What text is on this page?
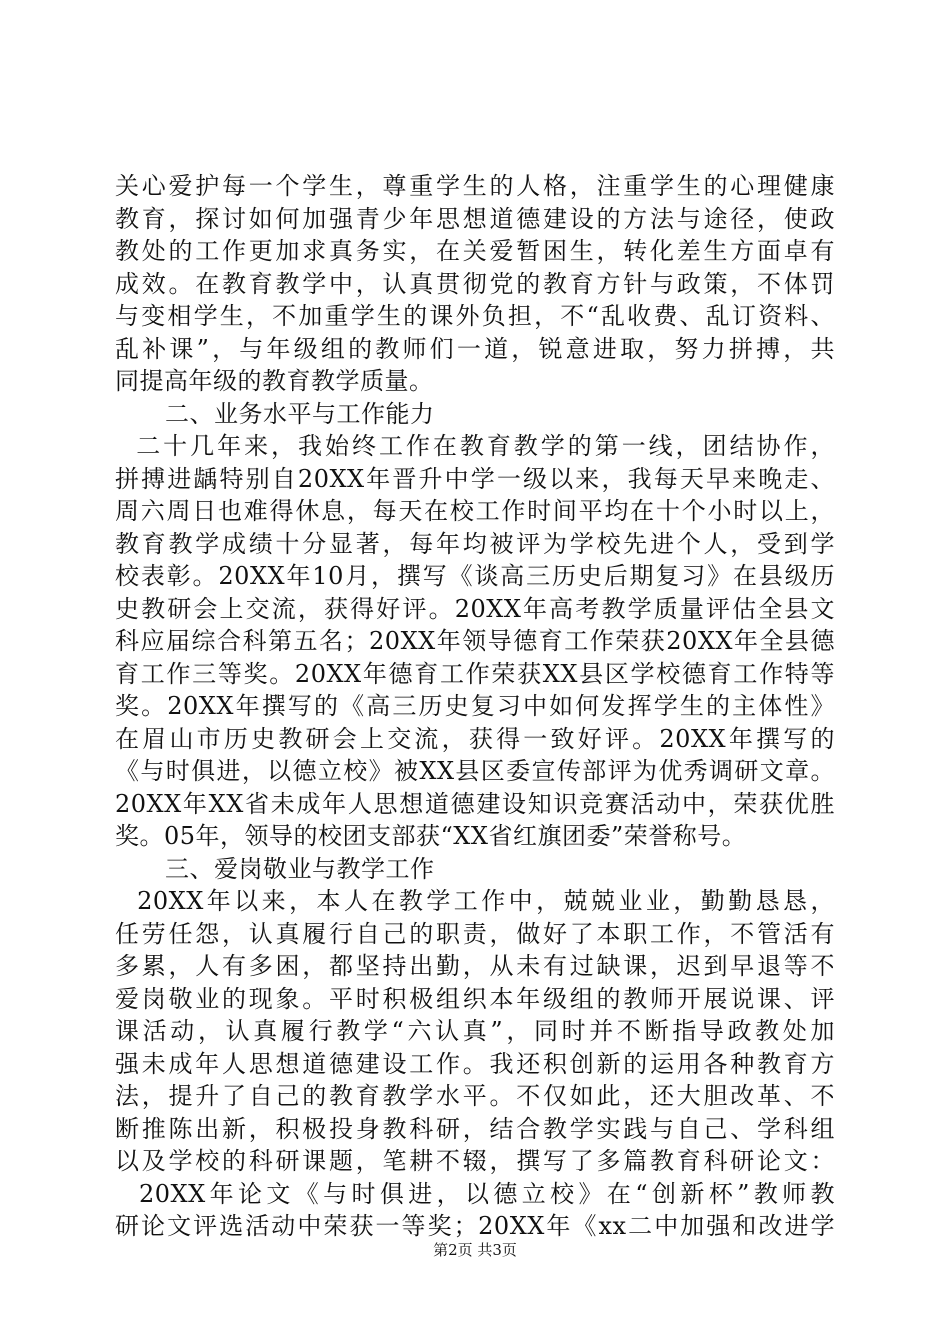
关心爱护每一个学生，尊重学生的人格，注重学生的心理健康
教育，探讨如何加强青少年思想道德建设的方法与途径，使政
教处的工作更加求真务实，在关爱暂困生，转化差生方面卓有
成效。在教育教学中，认真贯彻党的教育方针与政策，不体罚
与变相学生，不加重学生的课外负担，不“乱收费、乱订资料、
乱补课”，与年级组的教师们一道，锐意进取，努力拼搏，共
同提高年级的教育教学质量。
二、业务水平与工作能力
二十几年来，我始终工作在教育教学的第一线，团结协作，
拼搏进龋特别自20XX年晋升中学一级以来，我每天早来晚走、
周六周日也难得休息，每天在校工作时间平均在十个小时以上，
教育教学成绩十分显著，每年均被评为学校先进个人，受到学
校表彰。20XX年10月，撰写《谈高三历史后期复习》在县级历
史教研会上交流，获得好评。20XX年高考教学质量评估全县文
科应届综合科第五名；20XX年领导德育工作荣获20XX年全县德
育工作三等奖。20XX年德育工作荣获XX县区学校德育工作特等
奖。20XX年撰写的《高三历史复习中如何发挥学生的主体性》
在眉山市历史教研会上交流，获得一致好评。20XX年撰写的
《与时俱进，以德立校》被XX县区委宣传部评为优秀调研文章。
20XX年XX省未成年人思想道德建设知识竞赛活动中，荣获优胜
奖。05年，领导的校团支部获“XX省红旗团委”荣誉称号。
三、爱岗敬业与教学工作
20XX年以来，本人在教学工作中，兢兢业业，勤勤恳恳，
任劳任怨，认真履行自己的职责，做好了本职工作，不管活有
多累，人有多困，都坚持出勤，从未有过缺课，迟到早退等不
爱岗敬业的现象。平时积极组织本年级组的教师开展说课、评
课活动，认真履行教学“六认真”，同时并不断指导政教处加
强未成年人思想道德建设工作。我还积创新的运用各种教育方
法，提升了自己的教育教学水平。不仅如此，还大胆改革、不
断推陈出新，积极投身教科研，结合教学实践与自己、学科组
以及学校的科研课题，笔耕不辍，撰写了多篇教育科研论文：
20XX年论文《与时俱进，以德立校》在“创新杯”教师教
研论文评选活动中荣获一等奖；20XX年《xx二中加强和改进学
第2页 共3页
